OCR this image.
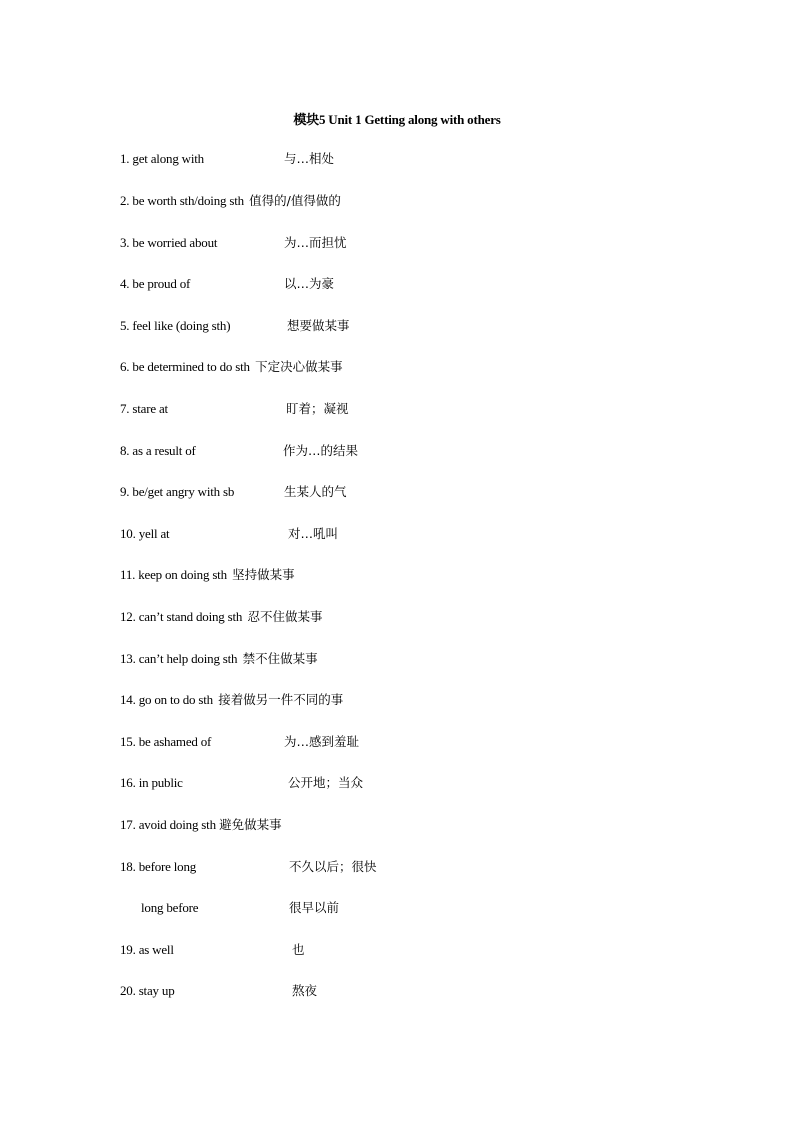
模块5 Unit 1 Getting along with others
1. get along with	与…相处
2. be worth sth/doing sth 值得的/值得做的
3. be worried about	为…而担忧
4. be proud of	以…为豪
5. feel like (doing sth)	想要做某事
6. be determined to do sth 下定决心做某事
7. stare at	盯着；凝视
8. as a result of	作为…的结果
9. be/get angry with sb	生某人的气
10. yell at	对…吼叫
11. keep on doing sth 坚持做某事
12. can’t stand doing sth 忍不住做某事
13. can’t help doing sth 禁不住做某事
14. go on to do sth 接着做另一件不同的事
15. be ashamed of	为…感到羞耻
16. in public	公开地；当众
17. avoid doing sth 避免做某事
18. before long	不久以后；很快
long before	很早以前
19. as well	也
20. stay up	熬夜
